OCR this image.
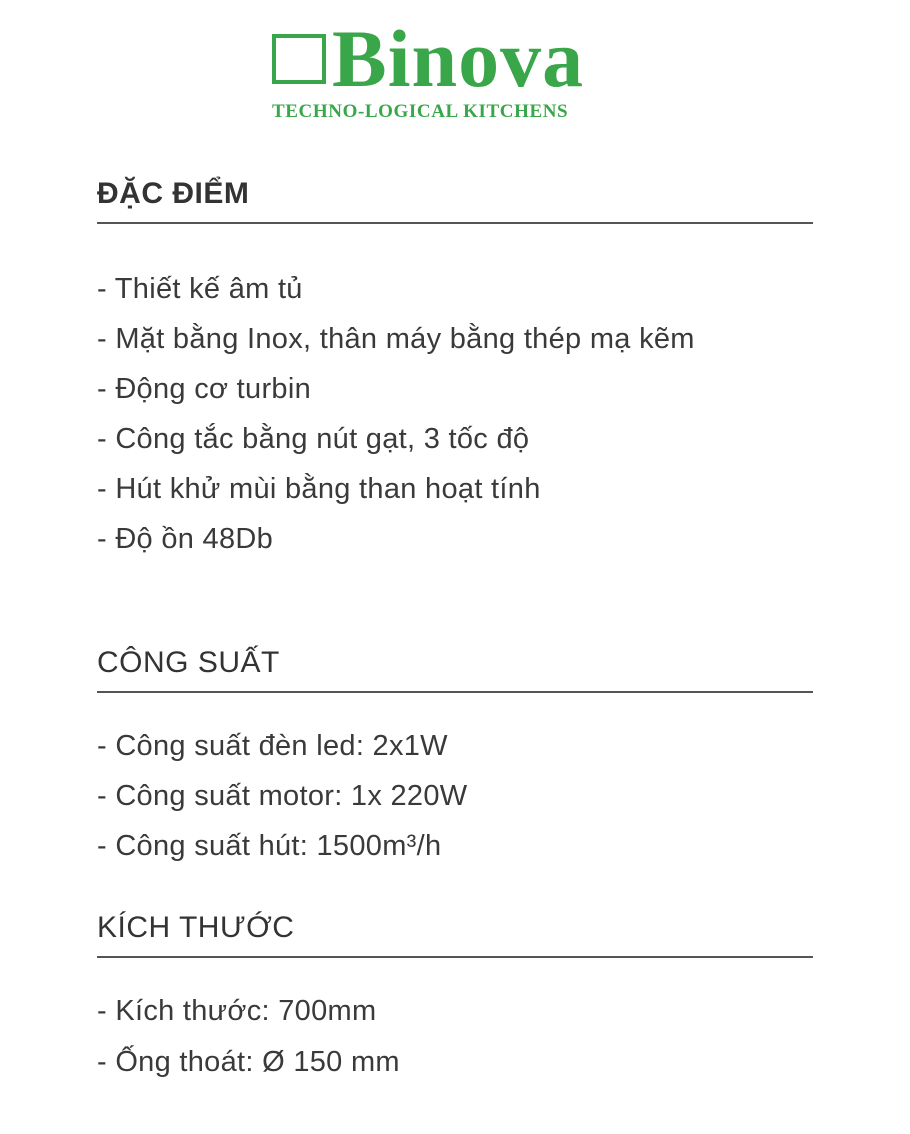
Binova
TECHNO-LOGICAL KITCHENS
ĐẶC ĐIỂM
- Thiết kế âm tủ
- Mặt bằng Inox, thân máy bằng thép mạ kẽm
- Động cơ turbin
- Công tắc bằng nút gạt, 3 tốc độ
- Hút khử mùi bằng than hoạt tính
- Độ ồn 48Db
CÔNG SUẤT
- Công suất đèn led: 2x1W
- Công suất motor: 1x 220W
- Công suất hút: 1500m³/h
KÍCH THƯỚC
- Kích thước: 700mm
- Ống thoát: Ø 150 mm
